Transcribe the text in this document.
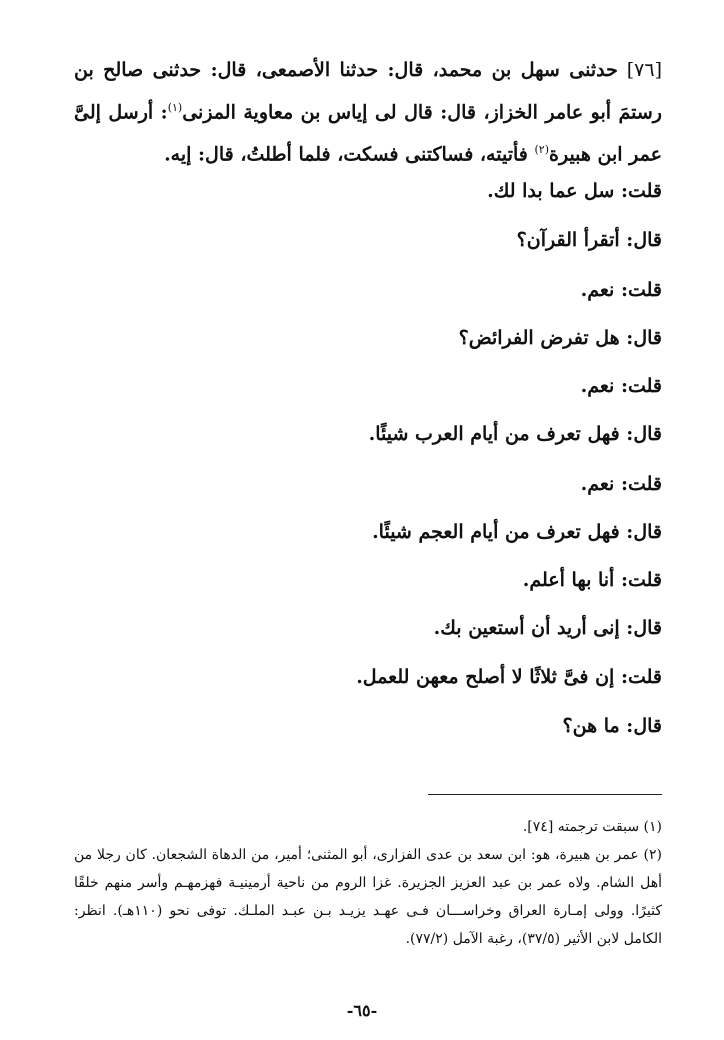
[٧٦] حدثنى سهل بن محمد، قال: حدثنا الأصمعى، قال: حدثنى صالح بن رستمَ أبو عامر الخزاز، قال: قال لى إياس بن معاوية المزنى$^{(١)}$: أرسل إلىَّ عمر ابن هبيرة$^{(٢)}$ فأتيته، فساكتنى فسكت، فلما أطلتُ، قال: إيه.
قلت: سل عما بدا لك.
قال: أتقرأ القرآن؟
قلت: نعم.
قال: هل تفرض الفرائض؟
قلت: نعم.
قال: فهل تعرف من أيام العرب شيئًا.
قلت: نعم.
قال: فهل تعرف من أيام العجم شيئًا.
قلت: أنا بها أعلم.
قال: إنى أريد أن أستعين بك.
قلت: إن فىَّ ثلاثًا لا أصلح معهن للعمل.
قال: ما هن؟

(١) سبقت ترجمته [٧٤].

(٢) عمر بن هبيرة، هو: ابن سعد بن عدى الفزارى، أبو المثنى؛ أمير، من الدهاة الشجعان. كان رجلا من أهل الشام. ولاه عمر بن عبد العزيز الجزيرة. غزا الروم من ناحية أرمينيـة فهزمهـم وأسر منهم خلقًا كثيرًا. وولى إمـارة العراق وخراســـان فـى عهـد يزيـد بـن عبـد الملـك. توفى نحو (١١٠هـ). انظر: الكامل لابن الأثير (٣٧/٥)، رغبة الآمل (٧٧/٢).

-٦٥-
